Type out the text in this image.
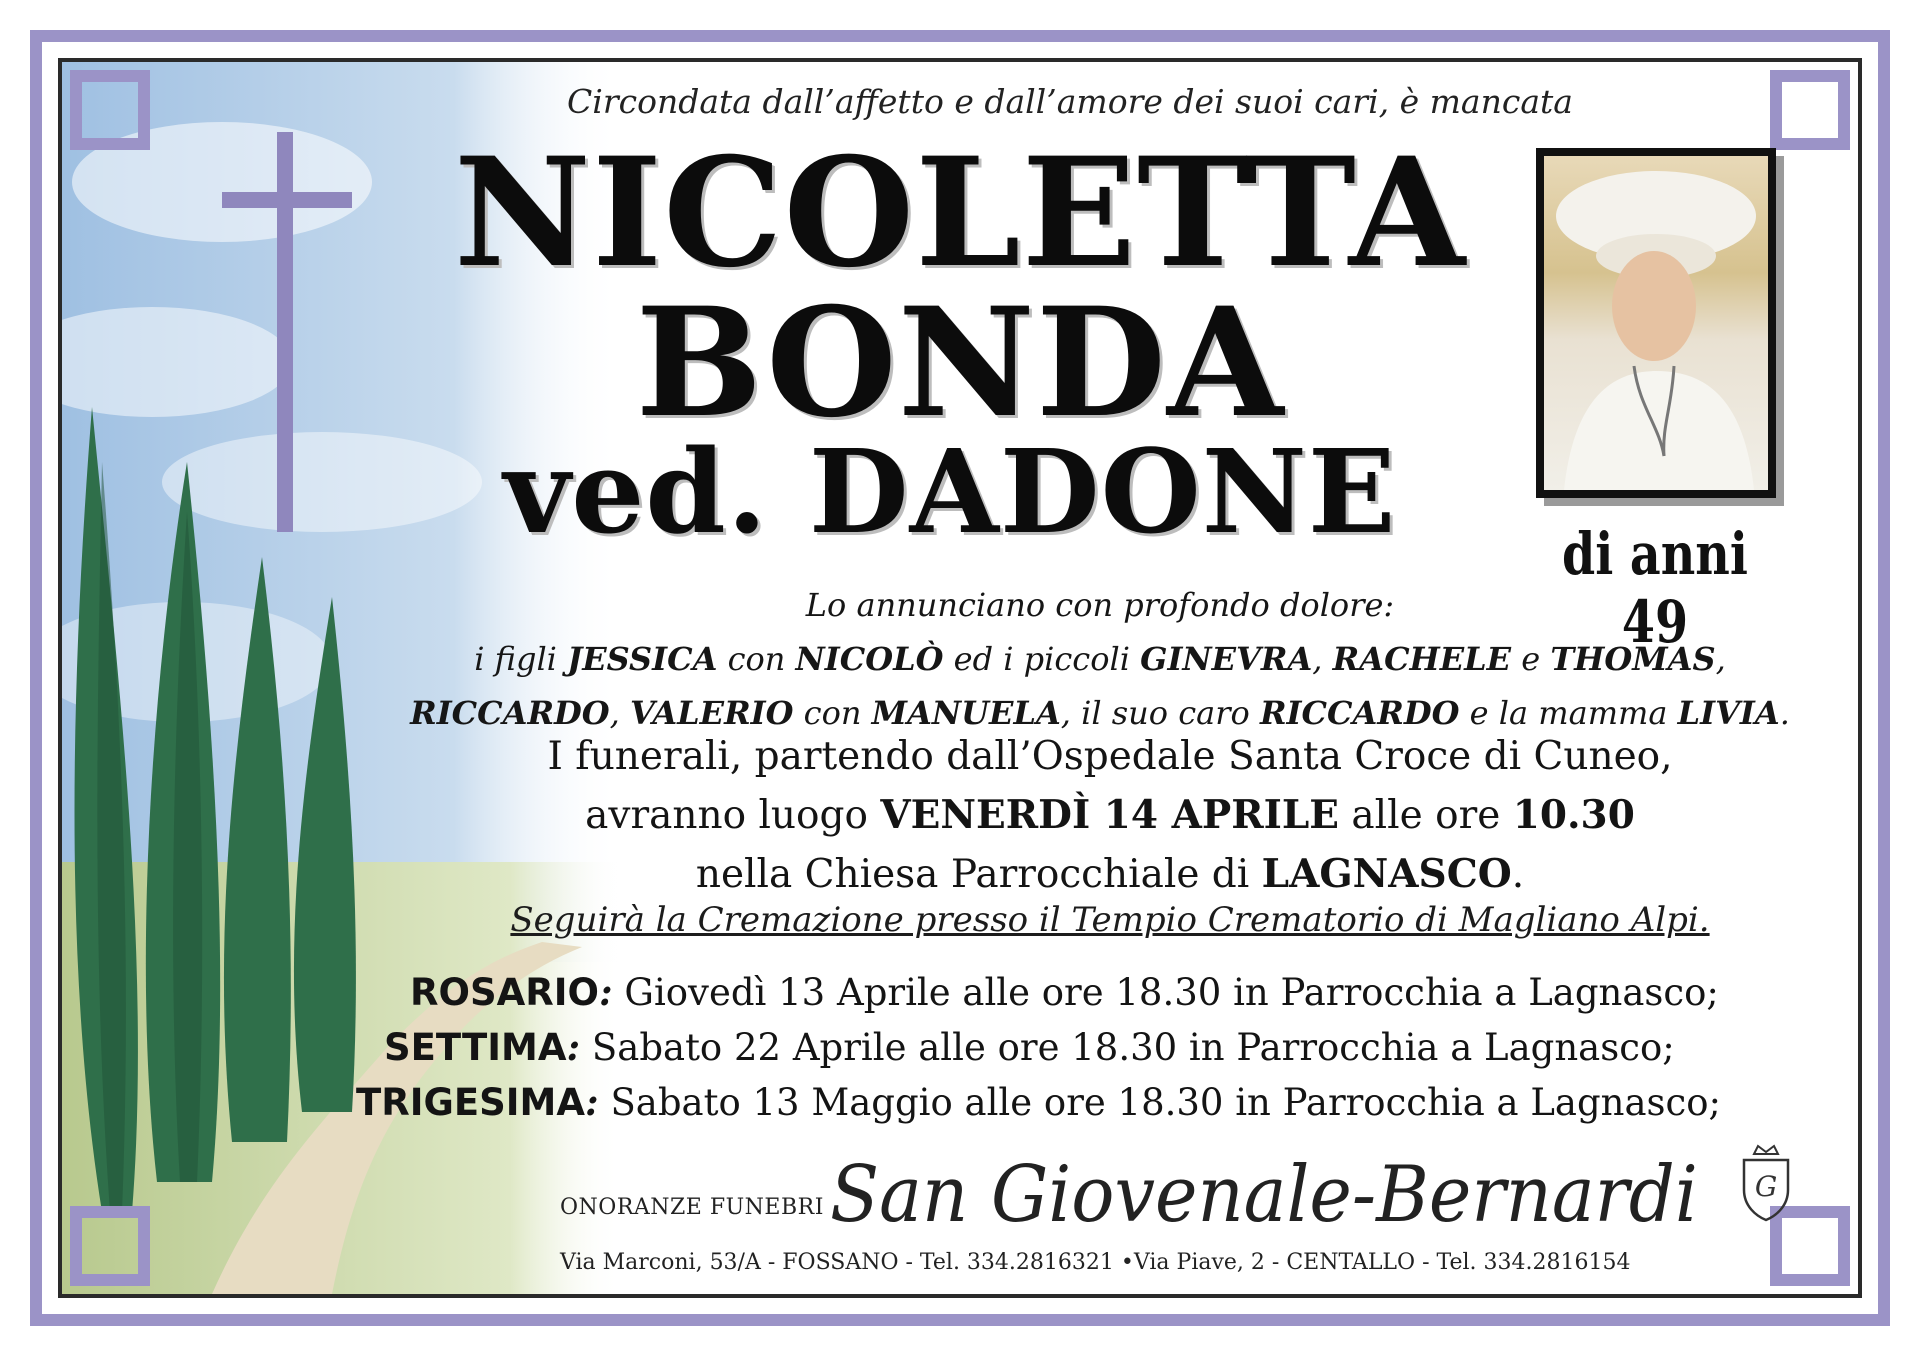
Circondata dall’affetto e dall’amore dei suoi cari, è mancata
NICOLETTA
BONDA
ved. DADONE	di anni 49
Lo annunciano con profondo dolore:
i figli JESSICA con NICOLÒ ed i piccoli GINEVRA, RACHELE e THOMAS,
RICCARDO, VALERIO con MANUELA, il suo caro RICCARDO e la mamma LIVIA.
I funerali, partendo dall’Ospedale Santa Croce di Cuneo,
avranno luogo VENERDÌ 14 APRILE alle ore 10.30
nella Chiesa Parrocchiale di LAGNASCO.
Seguirà la Cremazione presso il Tempio Crematorio di Magliano Alpi.
ROSARIO: Giovedì 13 Aprile alle ore 18.30 in Parrocchia a Lagnasco;
SETTIMA: Sabato 22 Aprile alle ore 18.30 in Parrocchia a Lagnasco;
TRIGESIMA: Sabato 13 Maggio alle ore 18.30 in Parrocchia a Lagnasco;
ONORANZE FUNEBRI San Giovenale-Bernardi G
Via Marconi, 53/A - FOSSANO - Tel. 334.2816321 •Via Piave, 2 - CENTALLO - Tel. 334.2816154
